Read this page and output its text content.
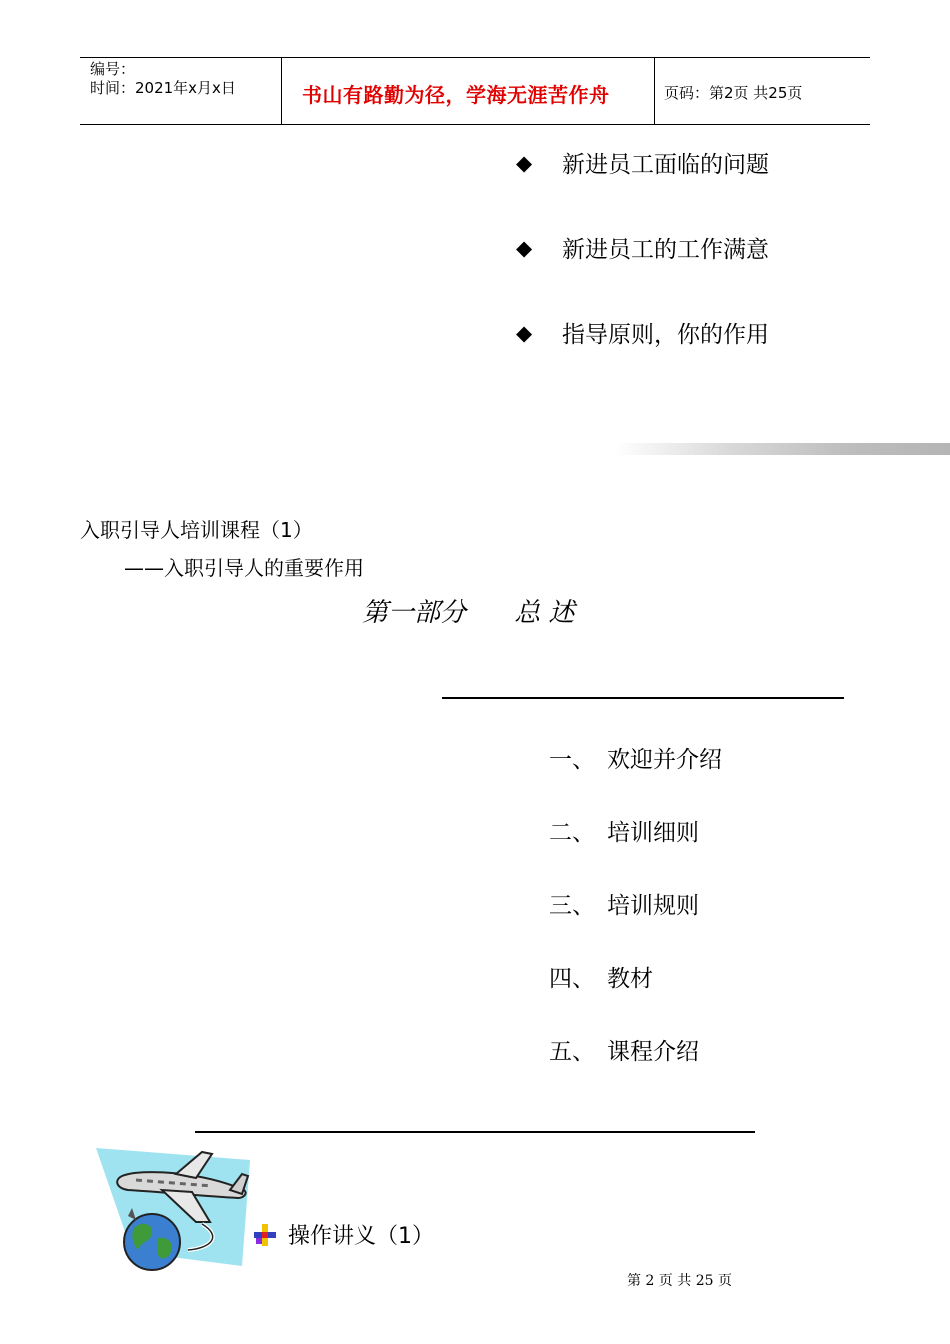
编号：
时间：2021年x月x日	书山有路勤为径，学海无涯苦作舟	页码：第2页 共25页
◆	新进员工面临的问题
◆	新进员工的工作满意
◆	指导原则，你的作用
入职引导人培训课程（1）
——入职引导人的重要作用
第一部分 总 述
一、 欢迎并介绍
二、 培训细则
三、 培训规则
四、 教材
五、 课程介绍
操作讲义（1）
第 2 页 共 25 页
